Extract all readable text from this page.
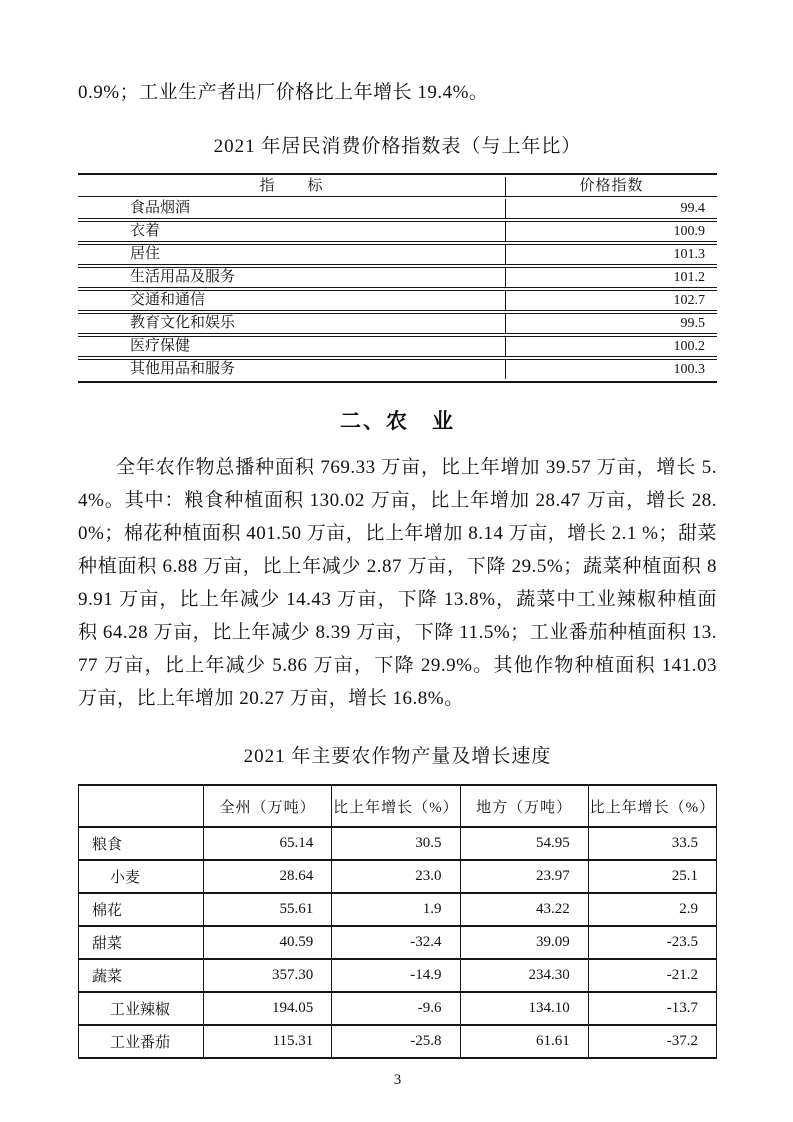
0.9%；工业生产者出厂价格比上年增长 19.4%。

2021 年居民消费价格指数表（与上年比）
指　　标	价格指数
食品烟酒	99.4
衣着	100.9
居住	101.3
生活用品及服务	101.2
交通和通信	102.7
教育文化和娱乐	99.5
医疗保健	100.2
其他用品和服务	100.3
二、农　业

全年农作物总播种面积 769.33 万亩，比上年增加 39.57 万亩，增长 5.4%。其中：粮食种植面积 130.02 万亩，比上年增加 28.47 万亩，增长 28.0%；棉花种植面积 401.50 万亩，比上年增加 8.14 万亩，增长 2.1 %；甜菜种植面积 6.88 万亩，比上年减少 2.87 万亩，下降 29.5%；蔬菜种植面积 89.91 万亩，比上年减少 14.43 万亩，下降 13.8%，蔬菜中工业辣椒种植面积 64.28 万亩，比上年减少 8.39 万亩，下降 11.5%；工业番茄种植面积 13.77 万亩，比上年减少 5.86 万亩，下降 29.9%。其他作物种植面积 141.03 万亩，比上年增加 20.27 万亩，增长 16.8%。

2021 年主要农作物产量及增长速度
	全州（万吨）	比上年增长（%）	地方（万吨）	比上年增长（%）
粮食	65.14	30.5	54.95	33.5
小麦	28.64	23.0	23.97	25.1
棉花	55.61	1.9	43.22	2.9
甜菜	40.59	-32.4	39.09	-23.5
蔬菜	357.30	-14.9	234.30	-21.2
工业辣椒	194.05	-9.6	134.10	-13.7
工业番茄	115.31	-25.8	61.61	-37.2
3
